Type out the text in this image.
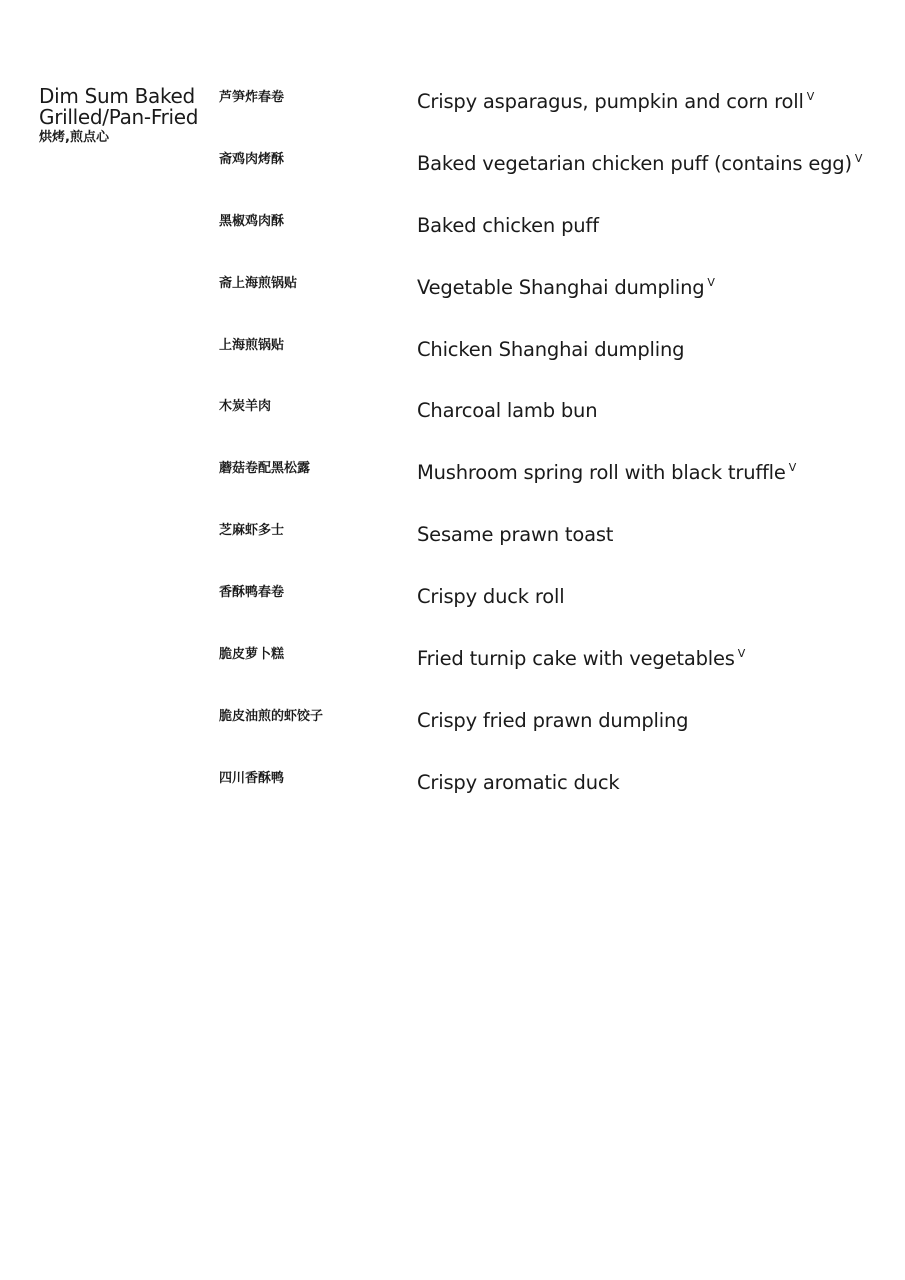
Dim Sum Baked
Grilled/Pan-Fried
烘烤,煎点心
芦笋炸春卷	Crispy asparagus, pumpkin and corn roll $^V$
斋鸡肉烤酥	Baked vegetarian chicken puff (contains egg) $^V$
黑椒鸡肉酥	Baked chicken puff
斋上海煎锅贴	Vegetable Shanghai dumpling $^V$
上海煎锅贴	Chicken Shanghai dumpling
木炭羊肉	Charcoal lamb bun
蘑菇卷配黑松露	Mushroom spring roll with black truffle $^V$
芝麻虾多士	Sesame prawn toast
香酥鸭春卷	Crispy duck roll
脆皮萝卜糕	Fried turnip cake with vegetables $^V$
脆皮油煎的虾饺子	Crispy fried prawn dumpling
四川香酥鸭	Crispy aromatic duck
